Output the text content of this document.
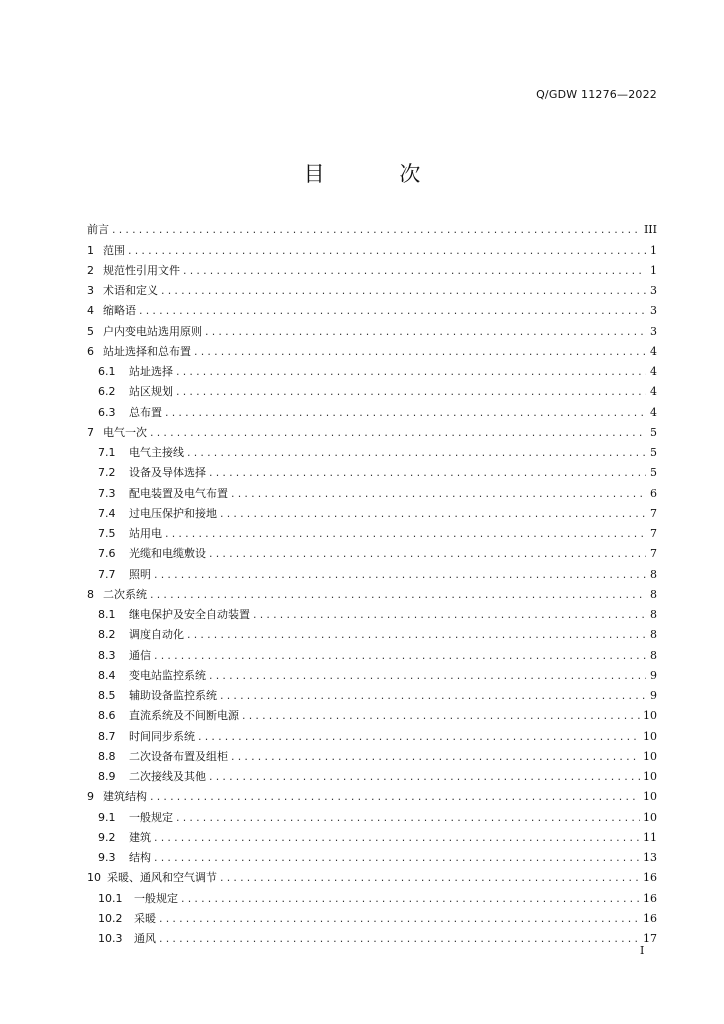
Q/GDW 11276—2022
目 次
前言 .....	III
1 范围 .....	1
2 规范性引用文件 .....	1
3 术语和定义 .....	3
4 缩略语 .....	3
5 户内变电站选用原则 .....	3
6 站址选择和总布置 .....	4
6.1	站址选择 .....	4
6.2	站区规划 .....	4
6.3	总布置 .....	4
7 电气一次 .....	5
7.1	电气主接线 .....	5
7.2	设备及导体选择 .....	5
7.3	配电装置及电气布置 .....	6
7.4	过电压保护和接地 .....	7
7.5	站用电 .....	7
7.6	光缆和电缆敷设 .....	7
7.7	照明 .....	8
8 二次系统 .....	8
8.1	继电保护及安全自动装置 .....	8
8.2	调度自动化 .....	8
8.3	通信 .....	8
8.4	变电站监控系统 .....	9
8.5	辅助设备监控系统 .....	9
8.6	直流系统及不间断电源 .....	10
8.7	时间同步系统 .....	10
8.8	二次设备布置及组柜 .....	10
8.9	二次接线及其他 .....	10
9 建筑结构 .....	10
9.1	一般规定 .....	10
9.2	建筑 .....	11
9.3	结构 .....	13
10 采暖、通风和空气调节 .....	16
10.1	一般规定 .....	16
10.2	采暖 .....	16
10.3	通风 .....	17
I
